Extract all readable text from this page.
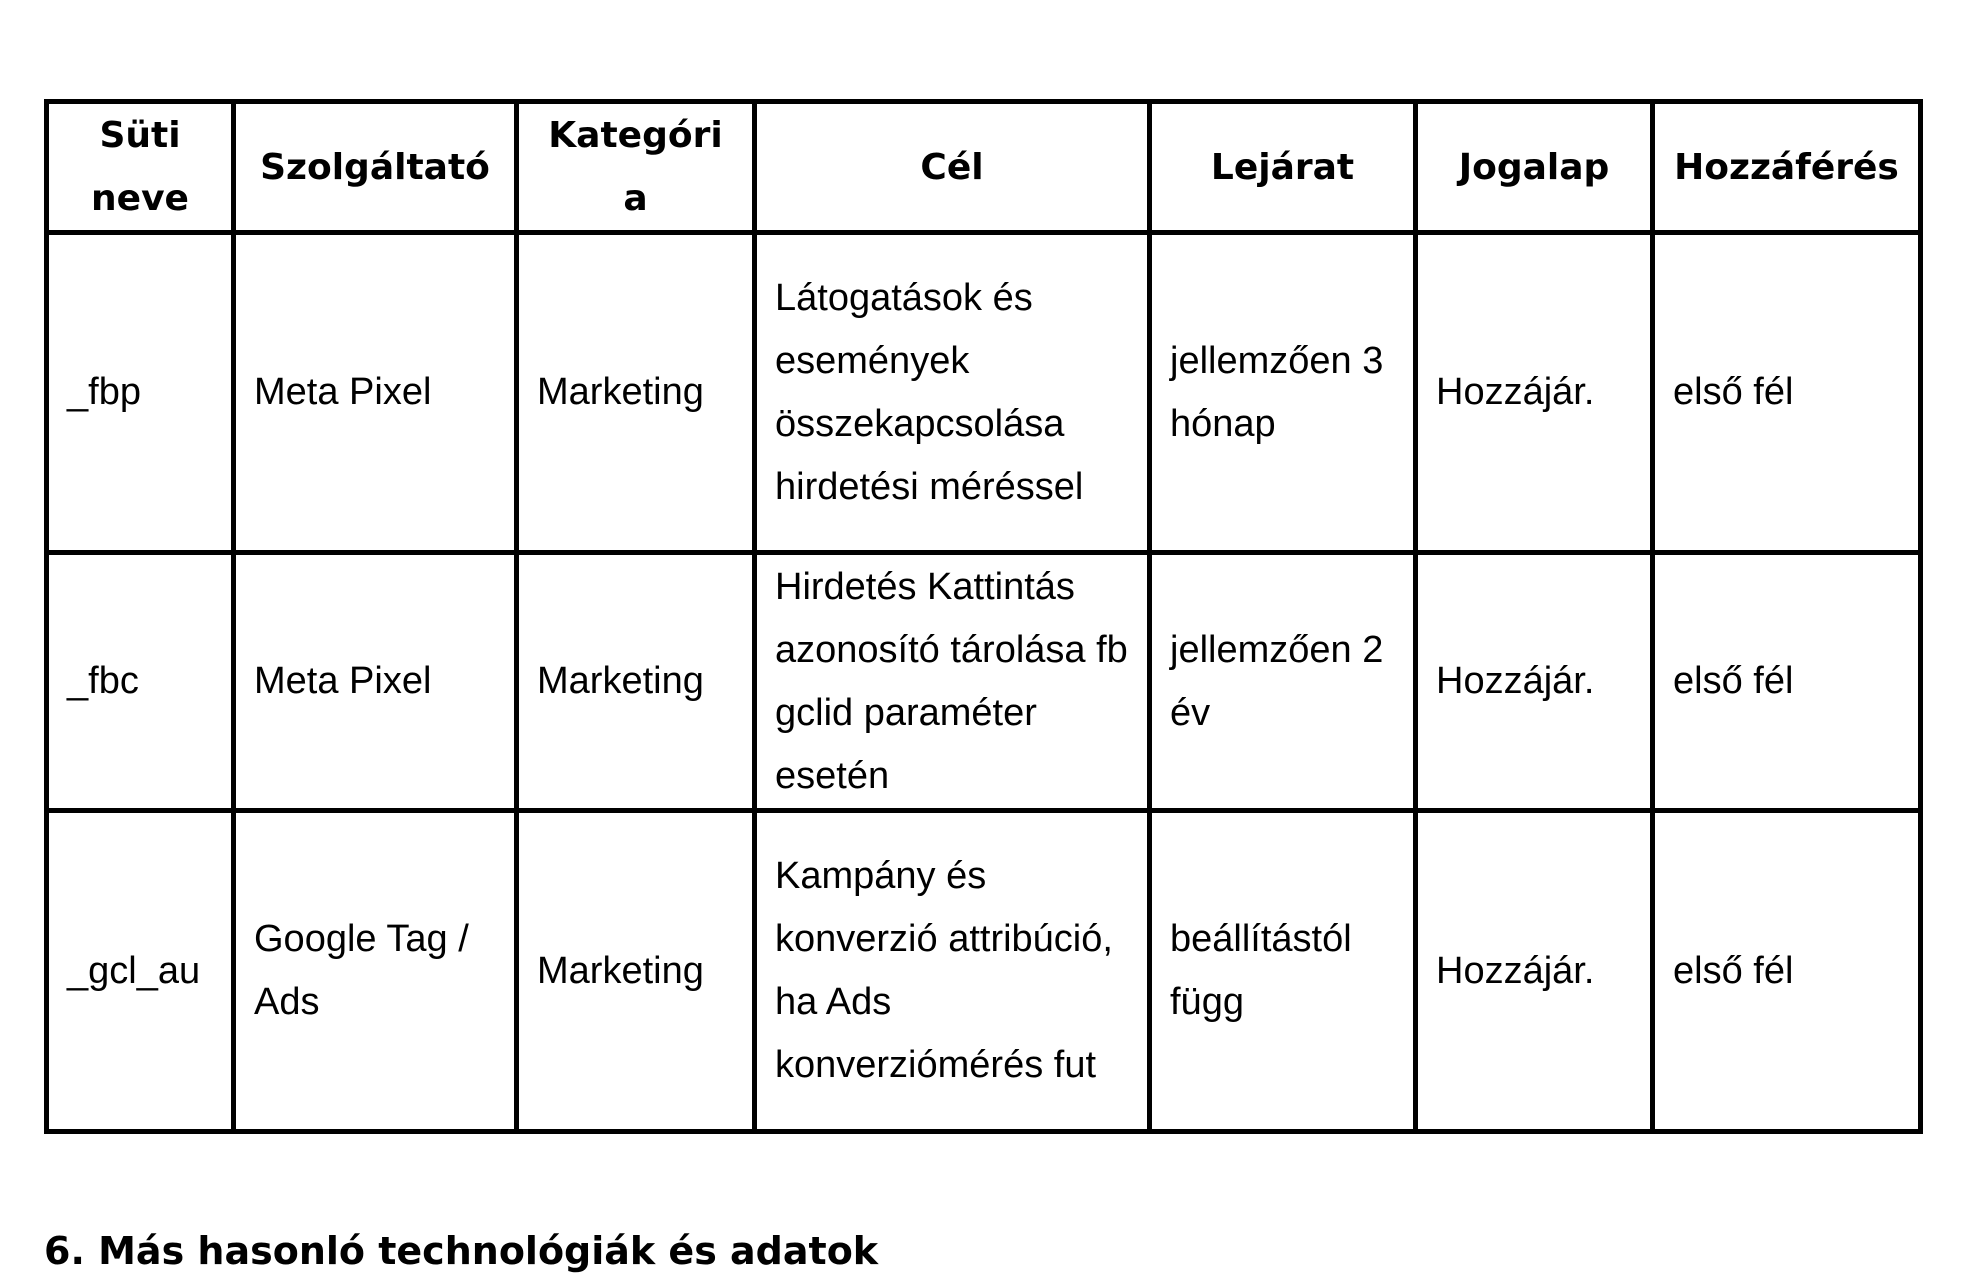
Süti neve	Szolgáltató	Kategória	Cél	Lejárat	Jogalap	Hozzáférés
_fbp	Meta Pixel	Marketing	Látogatások és események összekapcsolása hirdetési méréssel	jellemzően 3 hónap	Hozzájár.	első fél
_fbc	Meta Pixel	Marketing	Hirdetés Kattintás azonosító tárolása fb gclid paraméter esetén	jellemzően 2 év	Hozzájár.	első fél
_gcl_au	Google Tag / Ads	Marketing	Kampány és konverzió attribúció, ha Ads konverziómérés fut	beállítástól függ	Hozzájár.	első fél
6. Más hasonló technológiák és adatok
